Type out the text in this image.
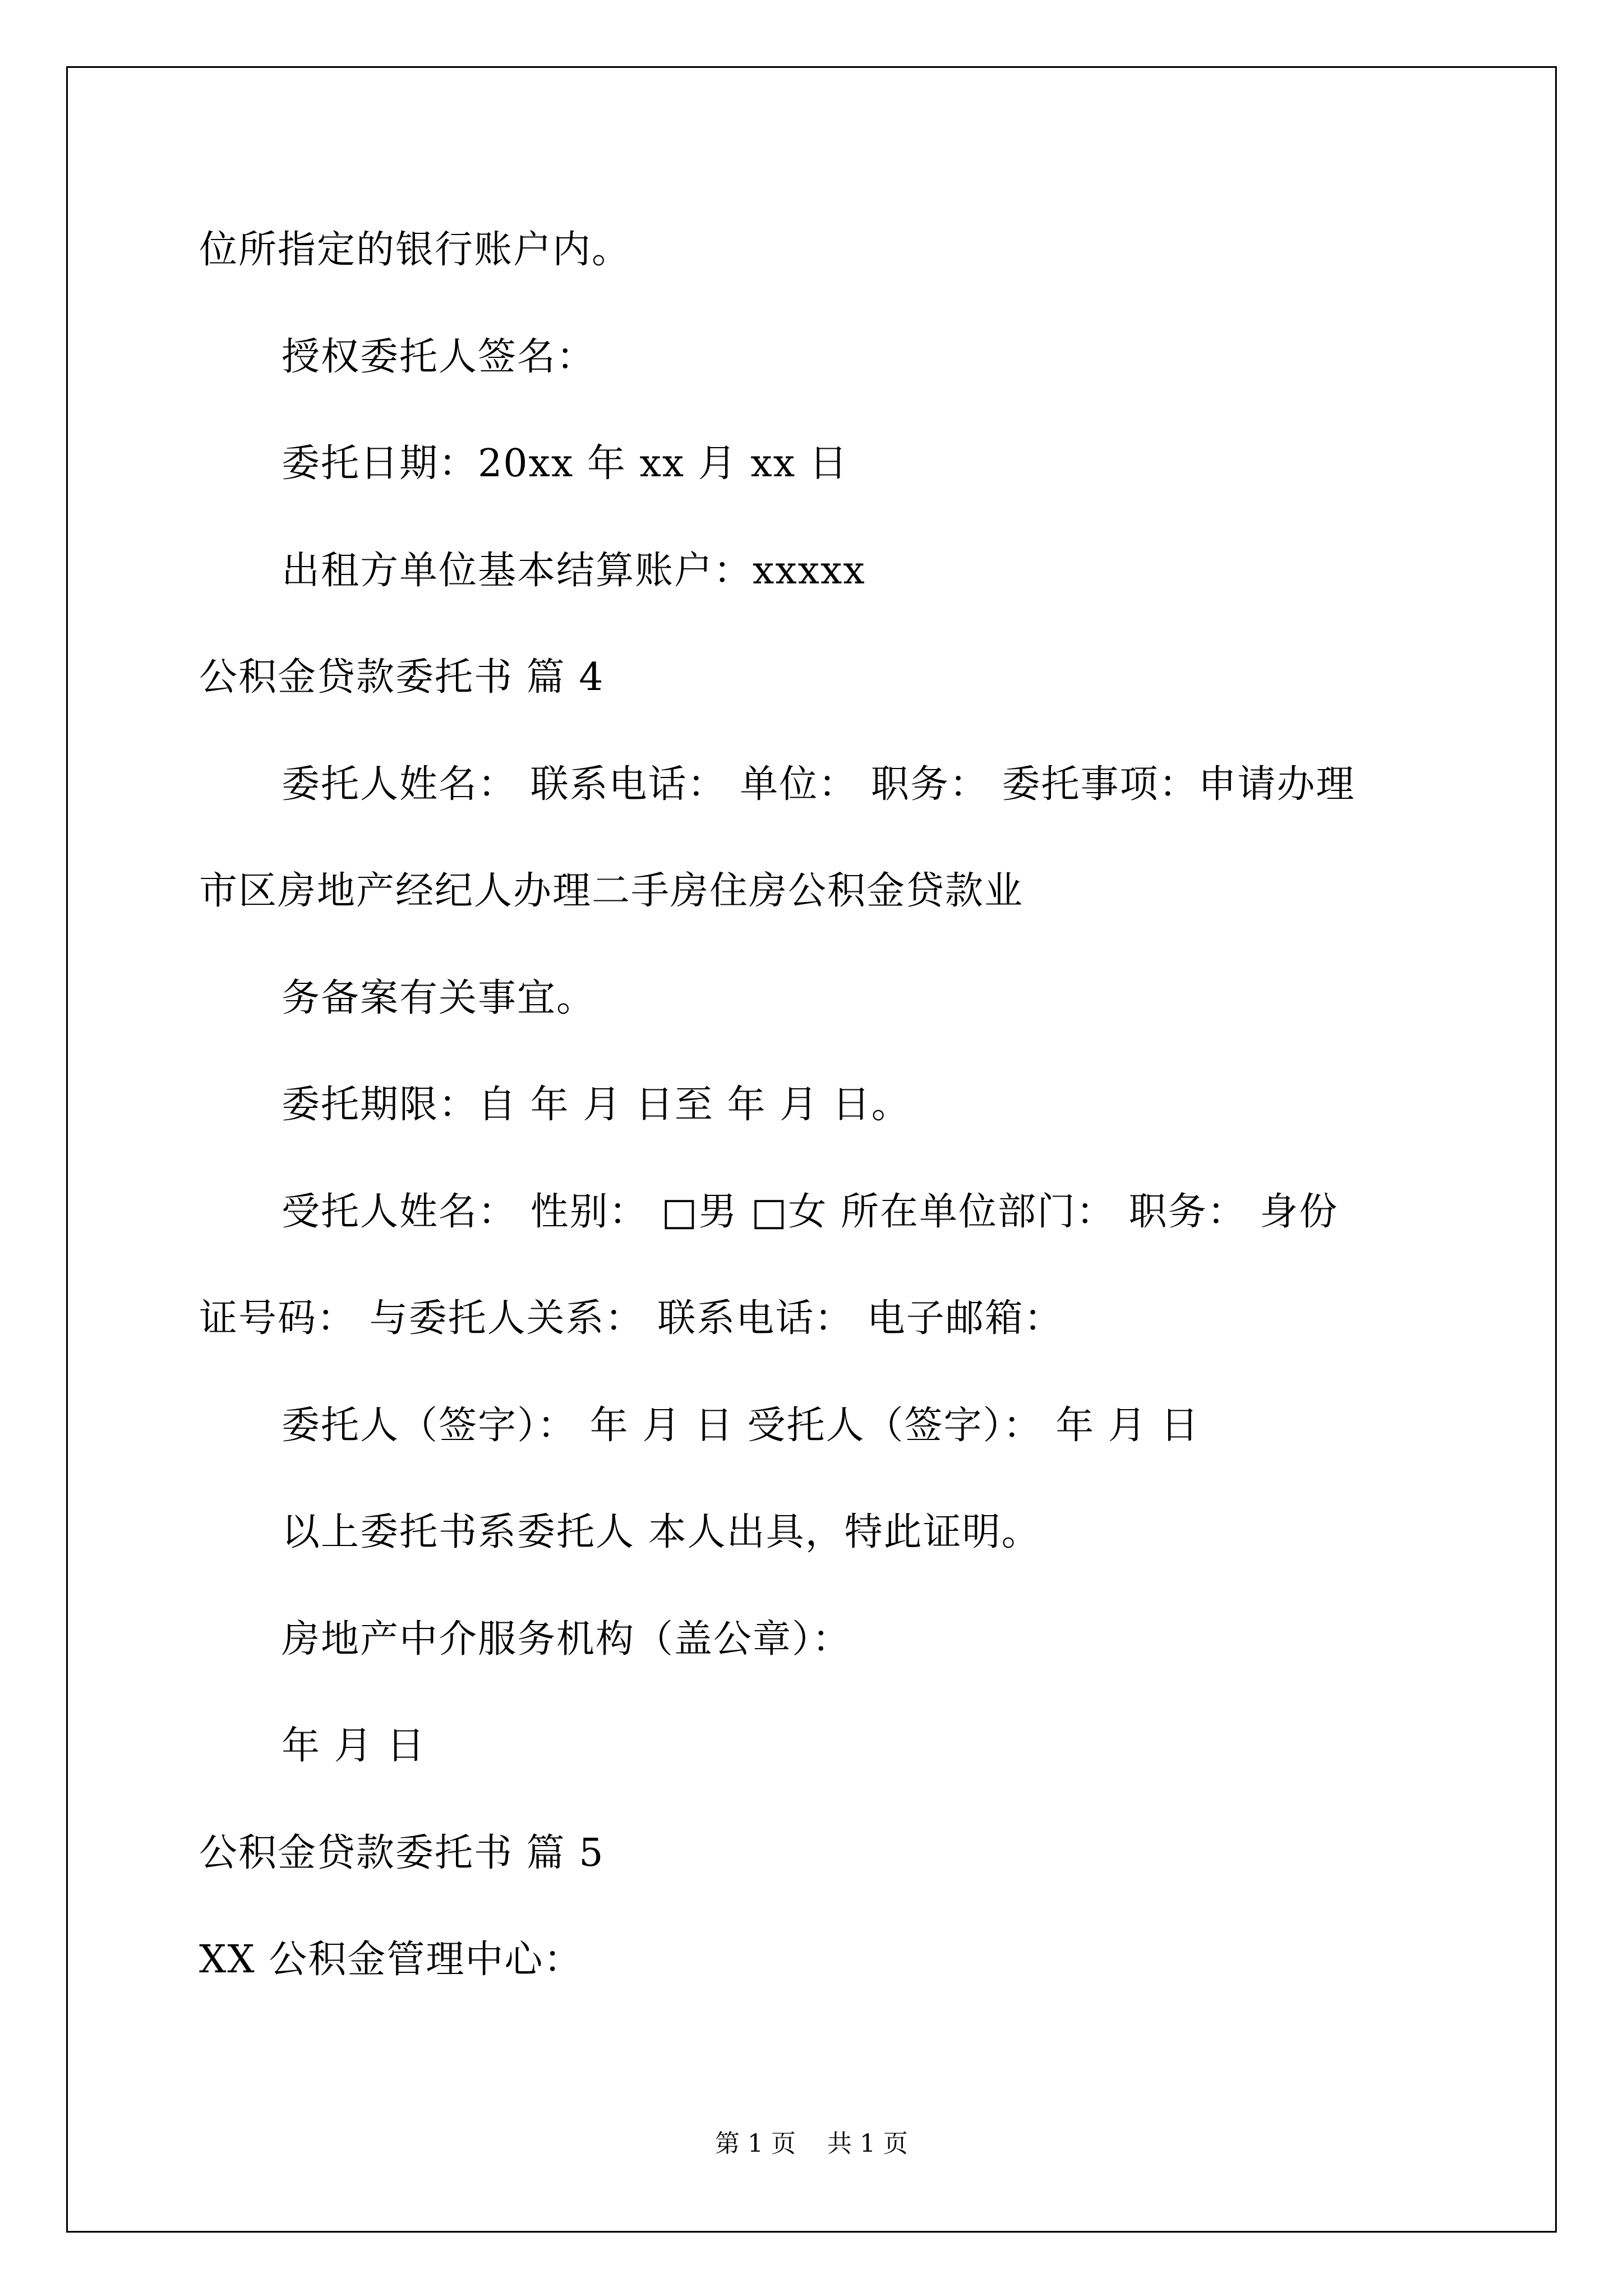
位所指定的银行账户内。
授权委托人签名：
委托日期：20xx 年 xx 月 xx 日
出租方单位基本结算账户：xxxxx
公积金贷款委托书 篇 4
委托人姓名： 联系电话： 单位： 职务： 委托事项：申请办理
市区房地产经纪人办理二手房住房公积金贷款业
务备案有关事宜。
委托期限：自 年 月 日至 年 月 日。
受托人姓名： 性别： □男 □女 所在单位部门： 职务： 身份
证号码： 与委托人关系： 联系电话： 电子邮箱：
委托人（签字）： 年 月 日 受托人（签字）： 年 月 日
以上委托书系委托人 本人出具，特此证明。
房地产中介服务机构（盖公章）：
年 月 日
公积金贷款委托书 篇 5
XX 公积金管理中心：
第 1 页    共 1 页
